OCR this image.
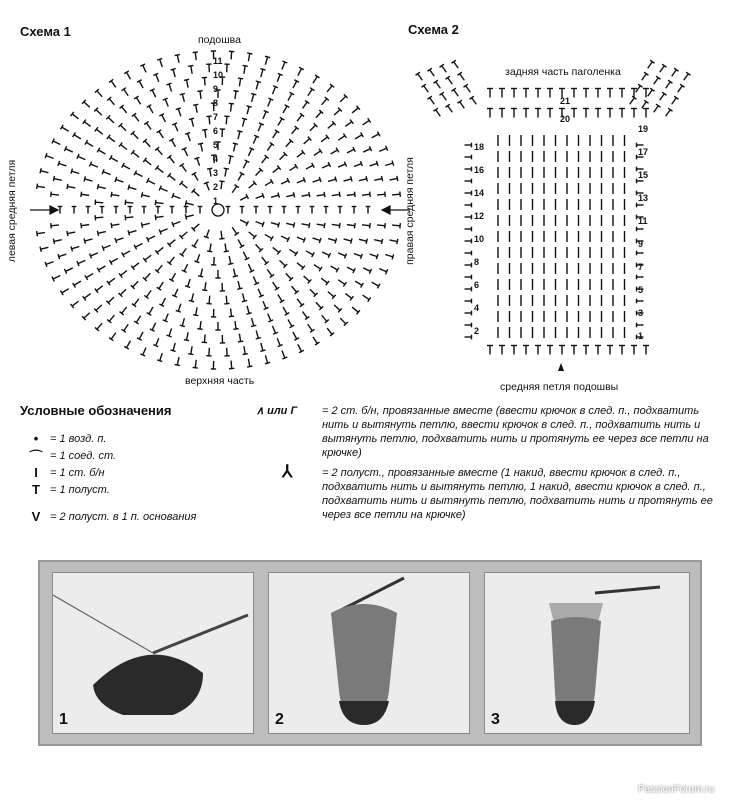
Схема 1
подошва
верхняя часть
левая средняя петля	правая средняя петля
11
10
9
8
7
6
5
4
3
2
1
Схема 2
задняя часть паголенка
средняя петля подошвы
18
16
14
12
10
8
6
4
2
19
17
15
13
11
9
7
5
3
1
21
20
Условные обозначения
•	= 1 возд. п.
⌒ = 1 соед. ст.
I	= 1 ст. б/н
T = 1 полуст.
V = 2 полуст. в 1 п. основания
∧ или Γ	= 2 ст. б/н, провязанные вместе (ввести крючок в след. п., подхватить нить и вытянуть петлю, ввести крючок в след. п., подхватить нить и вытянуть петлю, подхватить нить и протянуть ее через все петли на крючке)
⅄	= 2 полуст., провязанные вместе (1 накид, ввести крючок в след. п., подхватить нить и вытянуть петлю, 1 накид, ввести крючок в след. п., подхватить нить и вытянуть петлю, подхватить нить и протянуть ее через все петли на крючке)
1	2	3
PassionForum.ru
